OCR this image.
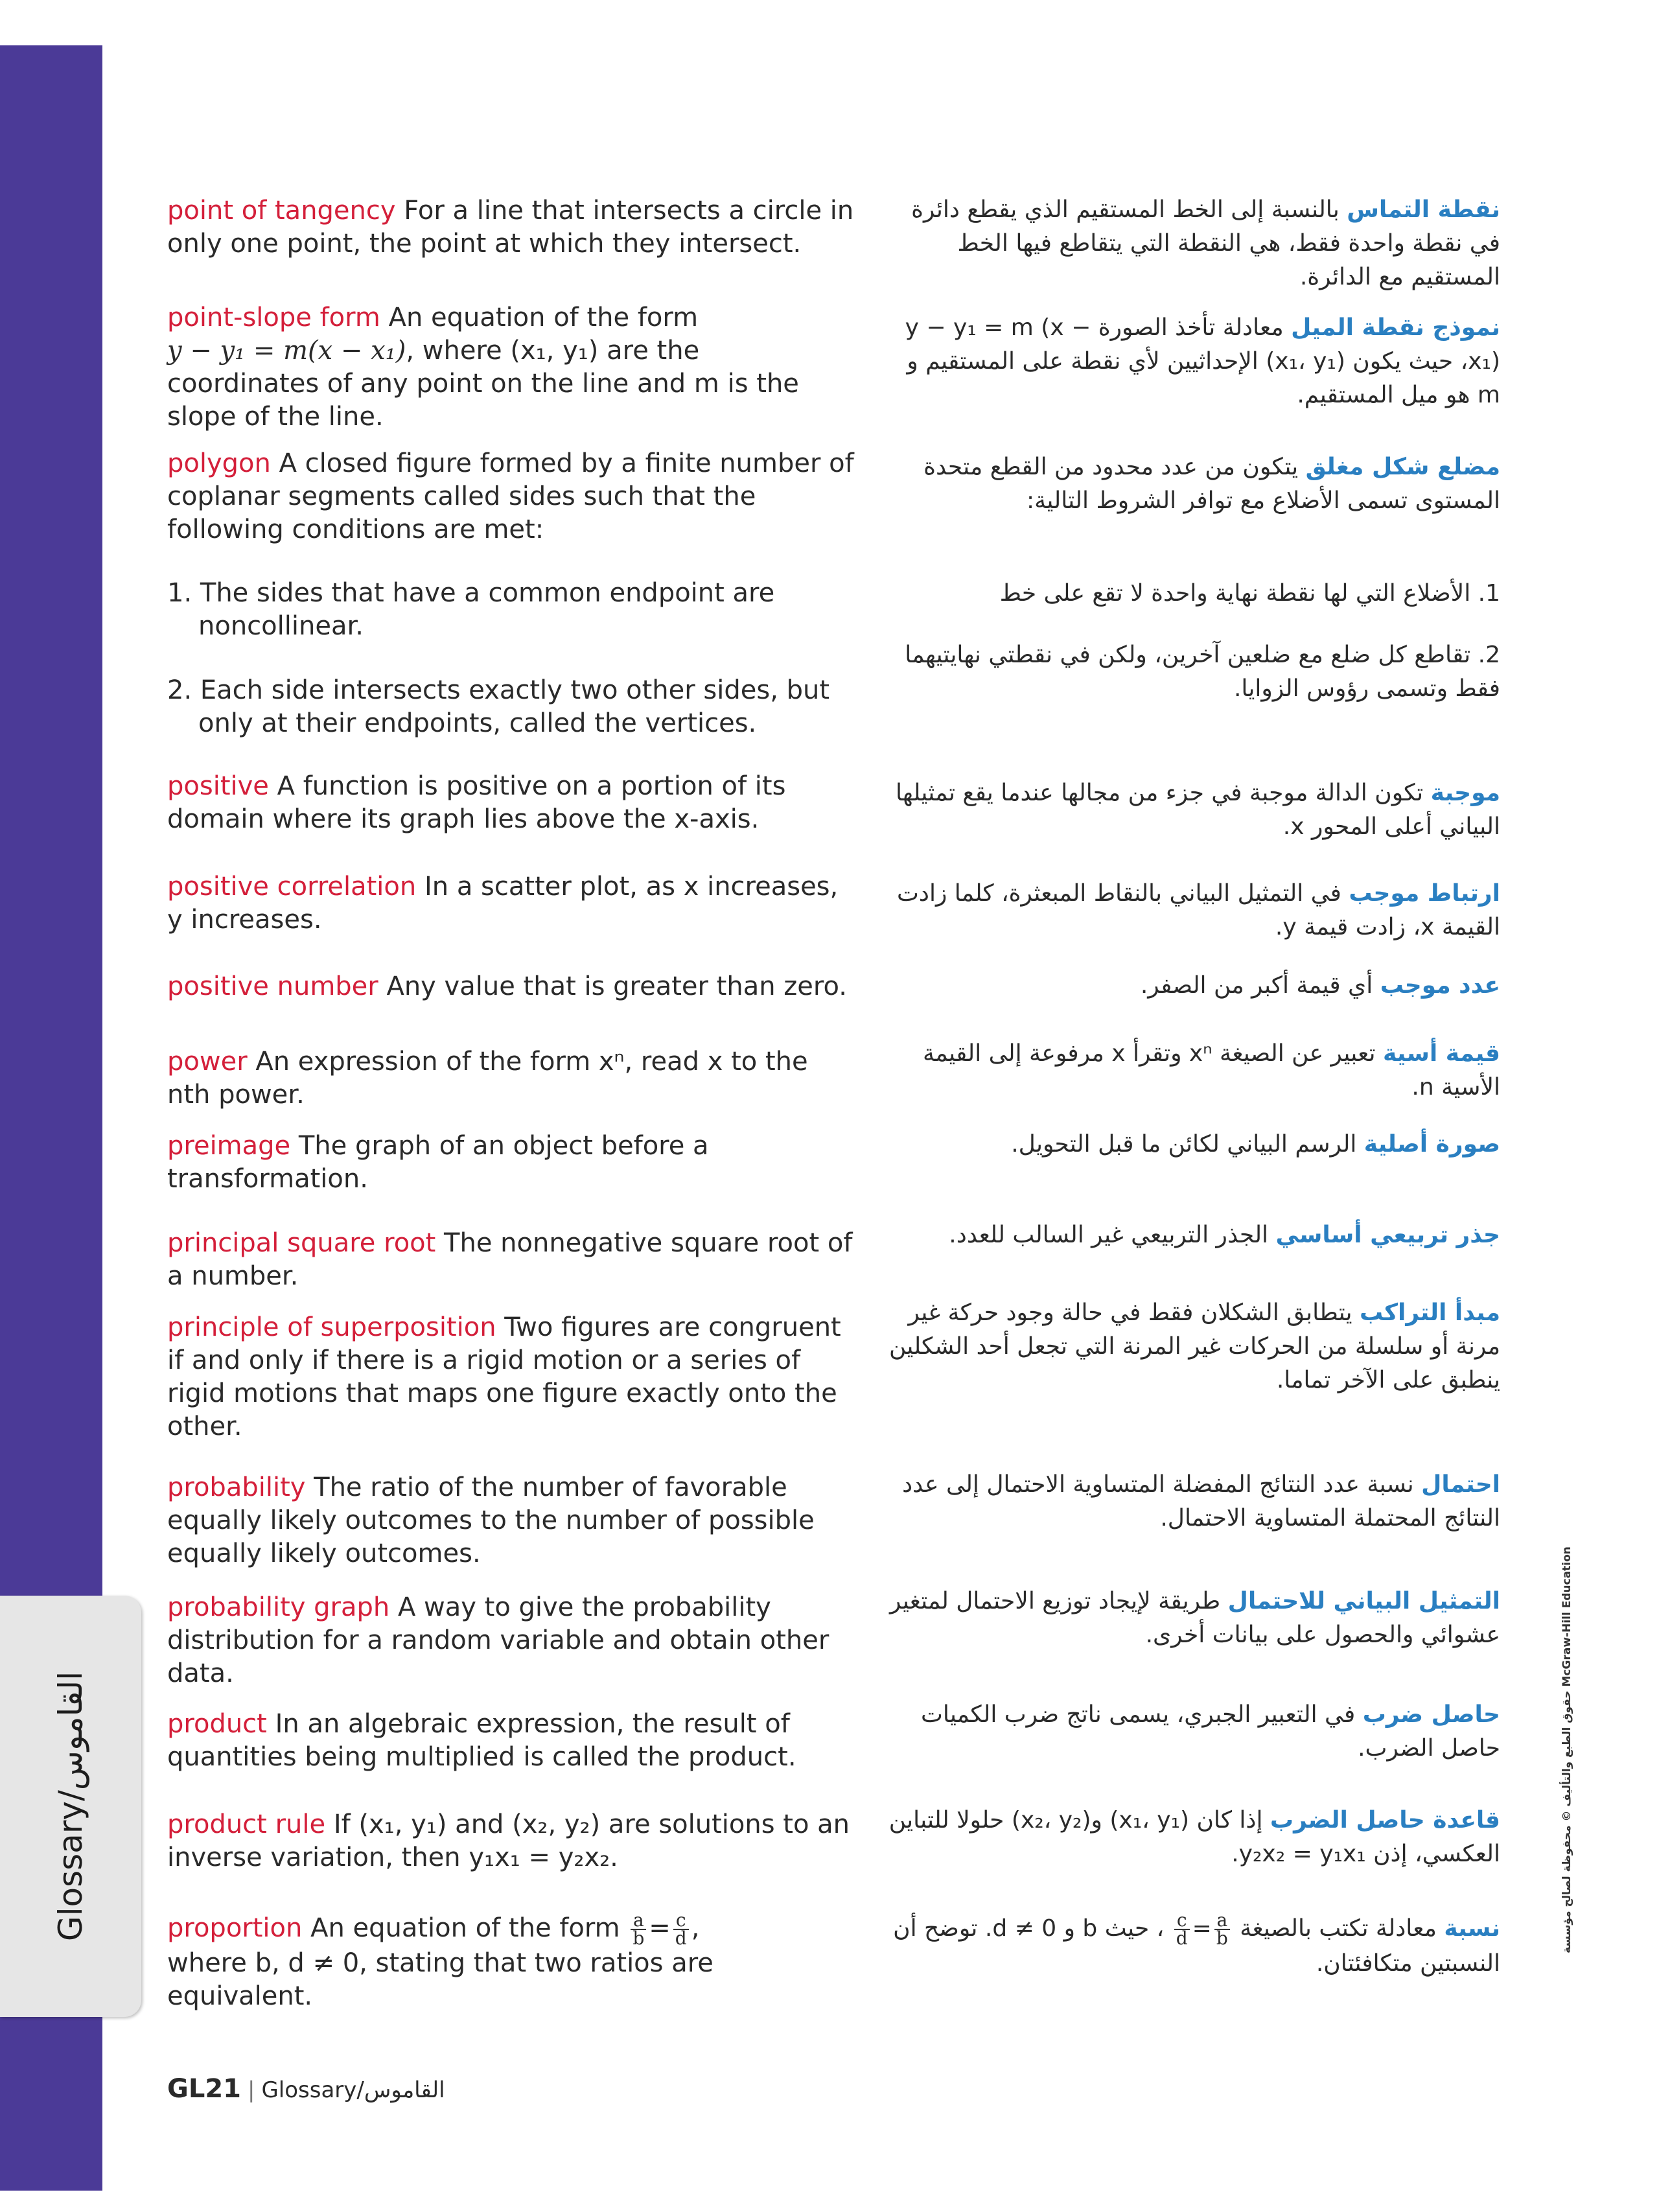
Glossary/القاموس	حقوق الطبع والتأليف © محفوظة لصالح مؤسسة McGraw-Hill Education
point of tangency For a line that intersects a circle in only one point, the point at which they intersect.
point-slope form An equation of the form
y − y₁ = m(x − x₁), where (x₁, y₁) are the coordinates of any point on the line and m is the slope of the line.
polygon A closed figure formed by a finite number of coplanar segments called sides such that the following conditions are met:
1. The sides that have a common endpoint are noncollinear.
2. Each side intersects exactly two other sides, but only at their endpoints, called the vertices.
positive A function is positive on a portion of its domain where its graph lies above the x-axis.
positive correlation In a scatter plot, as x increases, y increases.
positive number Any value that is greater than zero.
power An expression of the form xⁿ, read x to the nth power.
preimage The graph of an object before a transformation.
principal square root The nonnegative square root of a number.
principle of superposition Two figures are congruent if and only if there is a rigid motion or a series of rigid motions that maps one figure exactly onto the other.
probability The ratio of the number of favorable equally likely outcomes to the number of possible equally likely outcomes.
probability graph A way to give the probability distribution for a random variable and obtain other data.
product In an algebraic expression, the result of quantities being multiplied is called the product.
product rule If (x₁, y₁) and (x₂, y₂) are solutions to an inverse variation, then y₁x₁ = y₂x₂.
proportion An equation of the form $\frac{a}{b} = \frac{c}{d}$ ,
where b, d ≠ 0, stating that two ratios are equivalent.
نقطة التماس بالنسبة إلى الخط المستقيم الذي يقطع دائرة في نقطة واحدة فقط، هي النقطة التي يتقاطع فيها الخط المستقيم مع الدائرة.
نموذج نقطة الميل معادلة تأخذ الصورة y − y₁ = m (x − x₁)، حيث يكون (x₁، y₁) الإحداثيين لأي نقطة على المستقيم و m هو ميل المستقيم.
مضلع شكل مغلق يتكون من عدد محدود من القطع متحدة المستوى تسمى الأضلاع مع توافر الشروط التالية:
1. الأضلاع التي لها نقطة نهاية واحدة لا تقع على خط
2. تقاطع كل ضلع مع ضلعين آخرين، ولكن في نقطتي نهايتيهما فقط وتسمى رؤوس الزوايا.
موجبة تكون الدالة موجبة في جزء من مجالها عندما يقع تمثيلها البياني أعلى المحور x.
ارتباط موجب في التمثيل البياني بالنقاط المبعثرة، كلما زادت القيمة x، زادت قيمة y.
عدد موجب أي قيمة أكبر من الصفر.
قيمة أسية تعبير عن الصيغة xⁿ وتقرأ x مرفوعة إلى القيمة الأسية n.
صورة أصلية الرسم البياني لكائن ما قبل التحويل.
جذر تربيعي أساسي الجذر التربيعي غير السالب للعدد.
مبدأ التراكب يتطابق الشكلان فقط في حالة وجود حركة غير مرنة أو سلسلة من الحركات غير المرنة التي تجعل أحد الشكلين ينطبق على الآخر تماما.
احتمال نسبة عدد النتائج المفضلة المتساوية الاحتمال إلى عدد النتائج المحتملة المتساوية الاحتمال.
التمثيل البياني للاحتمال طريقة لإيجاد توزيع الاحتمال لمتغير عشوائي والحصول على بيانات أخرى.
حاصل ضرب في التعبير الجبري، يسمى ناتج ضرب الكميات حاصل الضرب.
قاعدة حاصل الضرب إذا كان (x₁، y₁) و(x₂، y₂) حلولا للتباين العكسي، إذن y₂x₂ = y₁x₁.
نسبة معادلة تكتب بالصيغة
$\frac{a}{b}$
=
$\frac{c}{d}$
، حيث b و d ≠ 0. توضح أن النسبتين متكافئتان.
GL21 | Glossary/القاموس
